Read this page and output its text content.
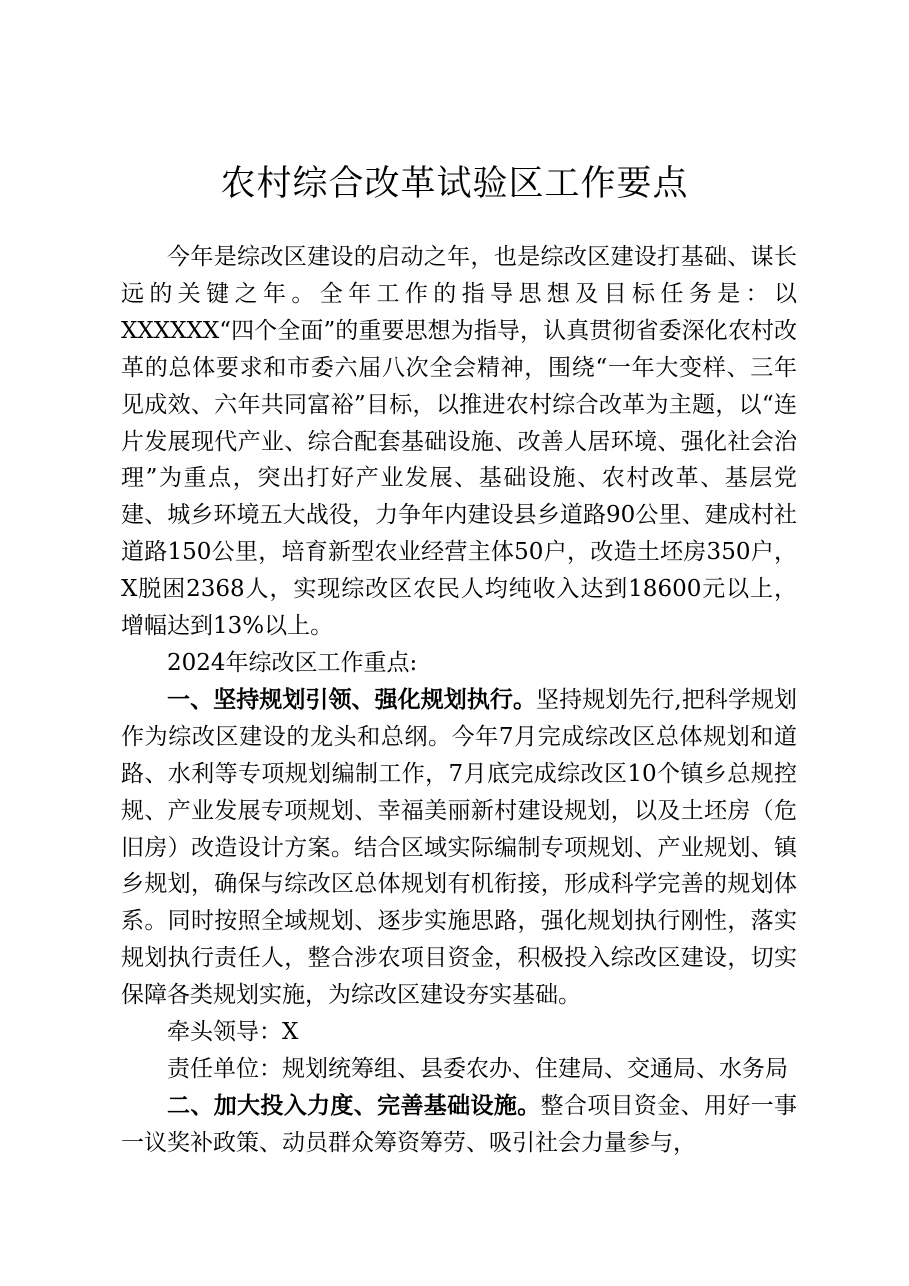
农村综合改革试验区工作要点

今年是综改区建设的启动之年，也是综改区建设打基础、谋长远的关键之年。全年工作的指导思想及目标任务是：以XXXXXX“四个全面”的重要思想为指导，认真贯彻省委深化农村改革的总体要求和市委六届八次全会精神，围绕“一年大变样、三年见成效、六年共同富裕”目标，以推进农村综合改革为主题，以“连片发展现代产业、综合配套基础设施、改善人居环境、强化社会治理”为重点，突出打好产业发展、基础设施、农村改革、基层党建、城乡环境五大战役，力争年内建设县乡道路90公里、建成村社道路150公里，培育新型农业经营主体50户，改造土坯房350户，X脱困2368人，实现综改区农民人均纯收入达到18600元以上，增幅达到13%以上。

2024年综改区工作重点:

一、坚持规划引领、强化规划执行。坚持规划先行,把科学规划作为综改区建设的龙头和总纲。今年7月完成综改区总体规划和道路、水利等专项规划编制工作，7月底完成综改区10个镇乡总规控规、产业发展专项规划、幸福美丽新村建设规划，以及土坯房（危旧房）改造设计方案。结合区域实际编制专项规划、产业规划、镇乡规划，确保与综改区总体规划有机衔接，形成科学完善的规划体系。同时按照全域规划、逐步实施思路，强化规划执行刚性，落实规划执行责任人，整合涉农项目资金，积极投入综改区建设，切实保障各类规划实施，为综改区建设夯实基础。

牵头领导：X

责任单位：规划统筹组、县委农办、住建局、交通局、水务局

二、加大投入力度、完善基础设施。整合项目资金、用好一事一议奖补政策、动员群众筹资筹劳、吸引社会力量参与，
